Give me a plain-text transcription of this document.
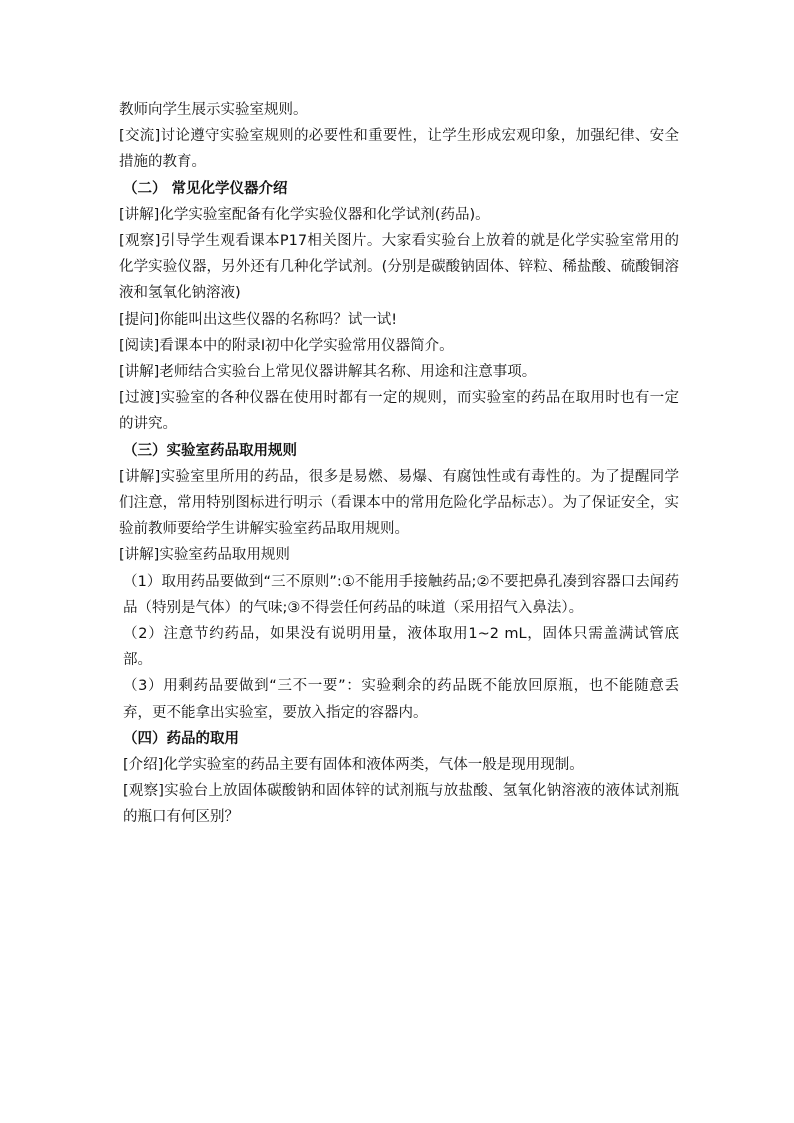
教师向学生展示实验室规则。

[交流]讨论遵守实验室规则的必要性和重要性，让学生形成宏观印象，加强纪律、安全措施的教育。

（二） 常见化学仪器介绍

[讲解]化学实验室配备有化学实验仪器和化学试剂(药品)。

[观察]引导学生观看课本P17相关图片。大家看实验台上放着的就是化学实验室常用的化学实验仪器，另外还有几种化学试剂。(分别是碳酸钠固体、锌粒、稀盐酸、硫酸铜溶液和氢氧化钠溶液)

[提问]你能叫出这些仪器的名称吗？试一试!

[阅读]看课本中的附录Ⅰ初中化学实验常用仪器简介。

[讲解]老师结合实验台上常见仪器讲解其名称、用途和注意事项。

[过渡]实验室的各种仪器在使用时都有一定的规则，而实验室的药品在取用时也有一定的讲究。

（三）实验室药品取用规则

[讲解]实验室里所用的药品，很多是易燃、易爆、有腐蚀性或有毒性的。为了提醒同学们注意，常用特别图标进行明示（看课本中的常用危险化学品标志）。为了保证安全，实验前教师要给学生讲解实验室药品取用规则。

[讲解]实验室药品取用规则

（1）取用药品要做到“三不原则”:①不能用手接触药品;②不要把鼻孔凑到容器口去闻药品（特别是气体）的气味;③不得尝任何药品的味道（采用招气入鼻法）。

（2）注意节约药品，如果没有说明用量，液体取用1~2 mL，固体只需盖满试管底部。

（3）用剩药品要做到“三不一要”：实验剩余的药品既不能放回原瓶，也不能随意丢弃，更不能拿出实验室，要放入指定的容器内。

（四）药品的取用

[介绍]化学实验室的药品主要有固体和液体两类，气体一般是现用现制。

[观察]实验台上放固体碳酸钠和固体锌的试剂瓶与放盐酸、氢氧化钠溶液的液体试剂瓶的瓶口有何区别？
